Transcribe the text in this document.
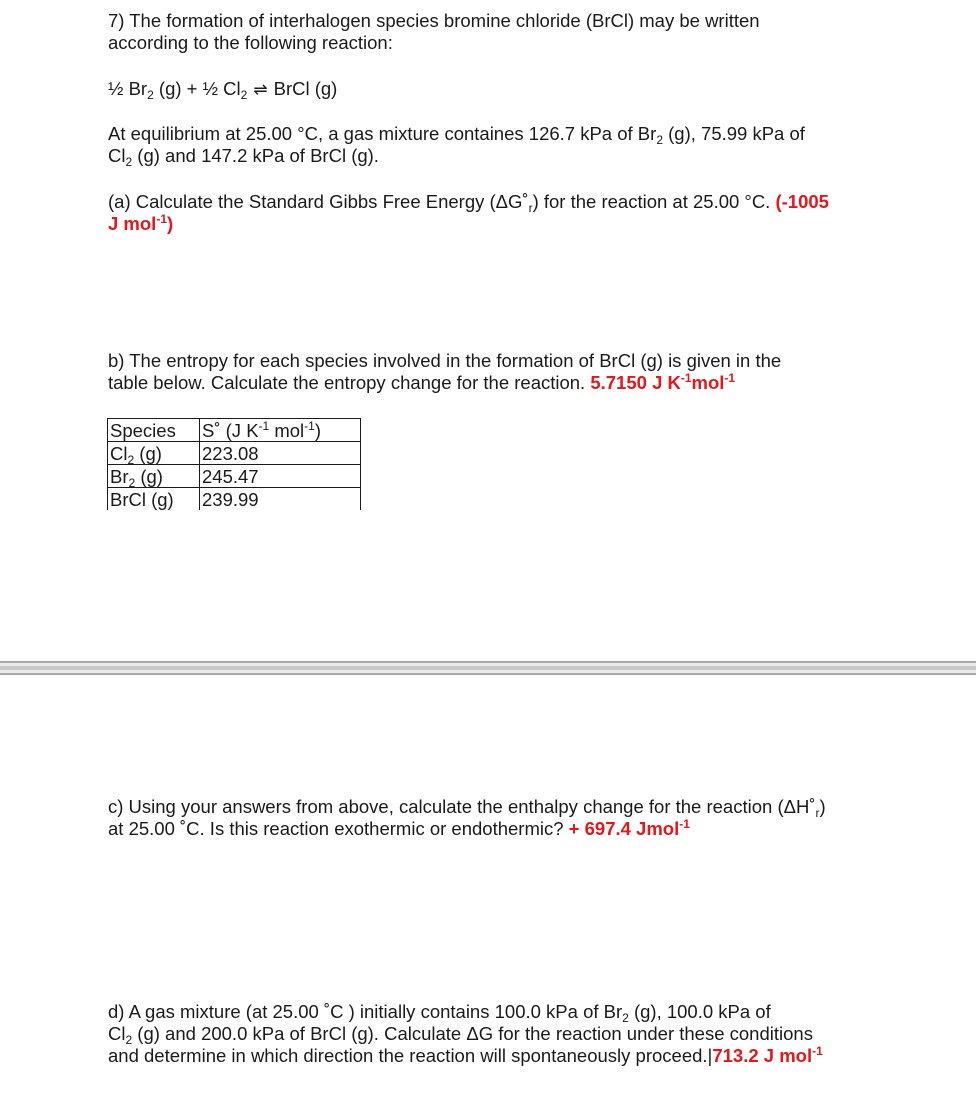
7) The formation of interhalogen species bromine chloride (BrCl) may be written
according to the following reaction:
½ $Br_2$ (g) + ½ $Cl_2$ ⇌ BrCl (g)
At equilibrium at 25.00 °C, a gas mixture containes 126.7 kPa of $Br_2$ (g), 75.99 kPa of
$Cl_2$ (g) and 147.2 kPa of BrCl (g).
(a) Calculate the Standard Gibbs Free Energy $(\Delta G˚_r)$ for the reaction at 25.00 °C. (-1005
J mol$^{-1}$)
b) The entropy for each species involved in the formation of BrCl (g) is given in the
table below. Calculate the entropy change for the reaction. 5.7150 J $K^{-1}mol^{-1}$
Species	S˚ (J $K^{-1}$ mol$^{-1}$)
$Cl_2$ (g)	223.08
$Br_2$ (g)	245.47
BrCl (g)	239.99
c) Using your answers from above, calculate the enthalpy change for the reaction $(\Delta H˚_r)$
at 25.00 ˚C. Is this reaction exothermic or endothermic? + 697.4 Jmol$^{-1}$
d) A gas mixture (at 25.00 ˚C ) initially contains 100.0 kPa of $Br_2$ (g), 100.0 kPa of
$Cl_2$ (g) and 200.0 kPa of BrCl (g). Calculate ΔG for the reaction under these conditions
and determine in which direction the reaction will spontaneously proceed.|713.2 J mol$^{-1}$
